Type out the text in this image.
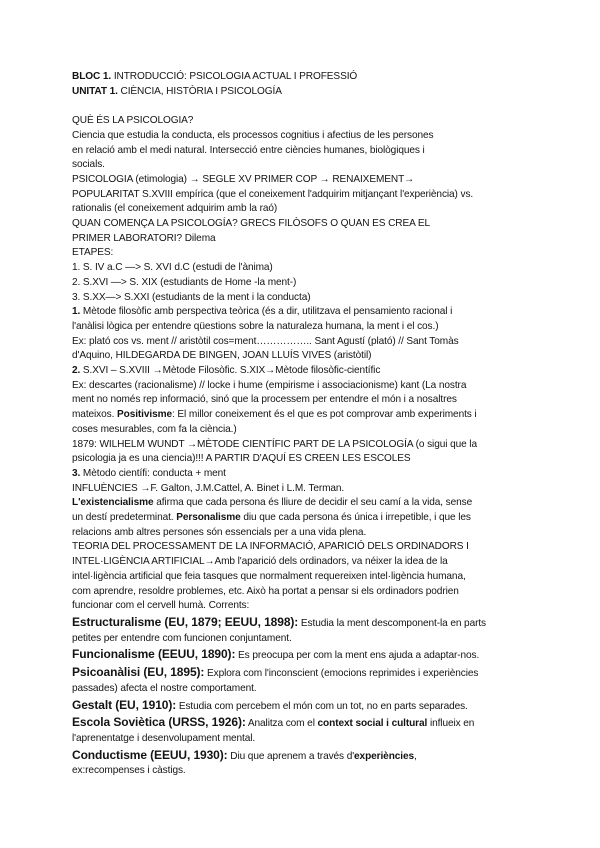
BLOC 1. INTRODUCCIÓ: PSICOLOGIA ACTUAL I PROFESSIÓ
UNITAT 1. CIÈNCIA, HISTÒRIA I PSICOLOGÍA
QUÈ ÉS LA PSICOLOGIA?
Ciencia que estudia la conducta, els processos cognitius i afectius de les persones
en relació amb el medi natural. Intersecció entre ciències humanes, biològiques i
socials.
PSICOLOGIA (etimologia) → SEGLE XV PRIMER COP → RENAIXEMENT→
POPULARITAT S.XVIII empírica (que el coneixement l'adquirim mitjançant l'experiència) vs.
rationalis (el coneixement adquirim amb la raó)
QUAN COMENÇA LA PSICOLOGÍA? GRECS FILÒSOFS O QUAN ES CREA EL
PRIMER LABORATORI? Dilema
ETAPES:
1. S. IV a.C —> S. XVI d.C (estudi de l'ànima)
2. S.XVI —> S. XIX (estudiants de Home -la ment-)
3. S.XX—> S.XXI (estudiants de la ment i la conducta)
1. Mètode filosòfic amb perspectiva teòrica (és a dir, utilitzava el pensamiento racional i
l'anàlisi lògica per entendre qüestions sobre la naturaleza humana, la ment i el cos.)
Ex: plató cos vs. ment // aristòtil cos=ment…………….. Sant Agustí (plató) // Sant Tomàs
d'Aquino, HILDEGARDA DE BINGEN, JOAN LLUÍS VIVES (aristòtil)
2. S.XVI – S.XVIII →Mètode Filosòfic. S.XIX→Mètode filosòfic-científic
Ex: descartes (racionalisme) // locke i hume (empirisme i associacionisme) kant (La nostra
ment no només rep informació, sinó que la processem per entendre el món i a nosaltres
mateixos. Positivisme: El millor coneixement és el que es pot comprovar amb experiments i
coses mesurables, com fa la ciència.)
1879: WILHELM WUNDT →MÈTODE CIENTÍFIC PART DE LA PSICOLOGÍA (o sigui que la
psicologia ja es una ciencia)!!! A PARTIR D'AQUÍ ES CREEN LES ESCOLES
3. Mètodo científi: conducta + ment
INFLUÈNCIES →F. Galton, J.M.Cattel, A. Binet i L.M. Terman.
L'existencialisme afirma que cada persona és lliure de decidir el seu camí a la vida, sense
un destí predeterminat. Personalisme diu que cada persona és única i irrepetible, i que les
relacions amb altres persones són essencials per a una vida plena.
TEORIA DEL PROCESSAMENT DE LA INFORMACIÓ, APARICIÓ DELS ORDINADORS I
INTEL·LIGÈNCIA ARTIFICIAL→Amb l'aparició dels ordinadors, va néixer la idea de la
intel·ligència artificial que feia tasques que normalment requereixen intel·ligència humana,
com aprendre, resoldre problemes, etc. Això ha portat a pensar si els ordinadors podrien
funcionar com el cervell humà. Corrents:
Estructuralisme (EU, 1879; EEUU, 1898): Estudia la ment descomponent-la en parts
petites per entendre com funcionen conjuntament.
Funcionalisme (EEUU, 1890): Es preocupa per com la ment ens ajuda a adaptar-nos.
Psicoanàlisi (EU, 1895): Explora com l'inconscient (emocions reprimides i experiències
passades) afecta el nostre comportament.
Gestalt (EU, 1910): Estudia com percebem el món com un tot, no en parts separades.
Escola Soviètica (URSS, 1926): Analitza com el context social i cultural influeix en
l'aprenentatge i desenvolupament mental.
Conductisme (EEUU, 1930): Diu que aprenem a través d'experiències,
ex:recompenses i càstigs.
